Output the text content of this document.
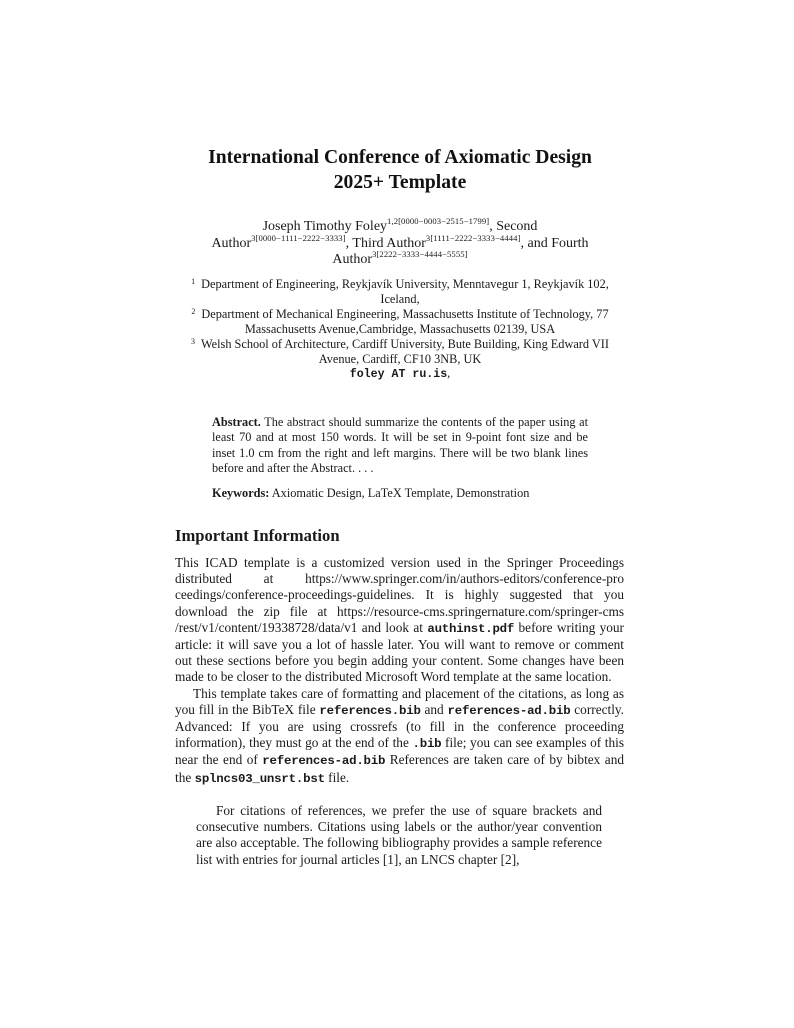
International Conference of Axiomatic Design
2025+ Template
Joseph Timothy Foley$^{1,2[0000-0003-2515-1799]}$, Second
Author$^{3[0000-1111-2222-3333]}$, Third Author$^{3[1111-2222-3333-4444]}$, and Fourth
Author$^{3[2222-3333-4444-5555]}$
$^1$ Department of Engineering, Reykjavík University, Menntavegur 1, Reykjavík 102,
Iceland,
$^2$ Department of Mechanical Engineering, Massachusetts Institute of Technology, 77
Massachusetts Avenue,Cambridge, Massachusetts 02139, USA
$^3$ Welsh School of Architecture, Cardiff University, Bute Building, King Edward VII
Avenue, Cardiff, CF10 3NB, UK
foley AT ru.is,
Abstract. The abstract should summarize the contents of the paper using at least 70 and at most 150 words. It will be set in 9-point font size and be inset 1.0 cm from the right and left margins. There will be two blank lines before and after the Abstract. . . .
Keywords: Axiomatic Design, LaTeX Template, Demonstration
Important Information

This ICAD template is a customized version used in the Springer Proceedings distributed at https://www.springer.com/in/authors-editors/conference-pro ceedings/conference-proceedings-guidelines. It is highly suggested that you download the zip file at https://resource-cms.springernature.com/springer-cms /rest/v1/content/19338728/data/v1 and look at authinst.pdf before writing your article: it will save you a lot of hassle later. You will want to remove or comment out these sections before you begin adding your content. Some changes have been made to be closer to the distributed Microsoft Word template at the same location.

This template takes care of formatting and placement of the citations, as long as you fill in the BibTeX file references.bib and references-ad.bib correctly. Advanced: If you are using crossrefs (to fill in the conference proceeding information), they must go at the end of the .bib file; you can see examples of this near the end of references-ad.bib References are taken care of by bibtex and the splncs03_unsrt.bst file.

For citations of references, we prefer the use of square brackets and consecutive numbers. Citations using labels or the author/year convention are also acceptable. The following bibliography provides a sample reference list with entries for journal articles [1], an LNCS chapter [2],
